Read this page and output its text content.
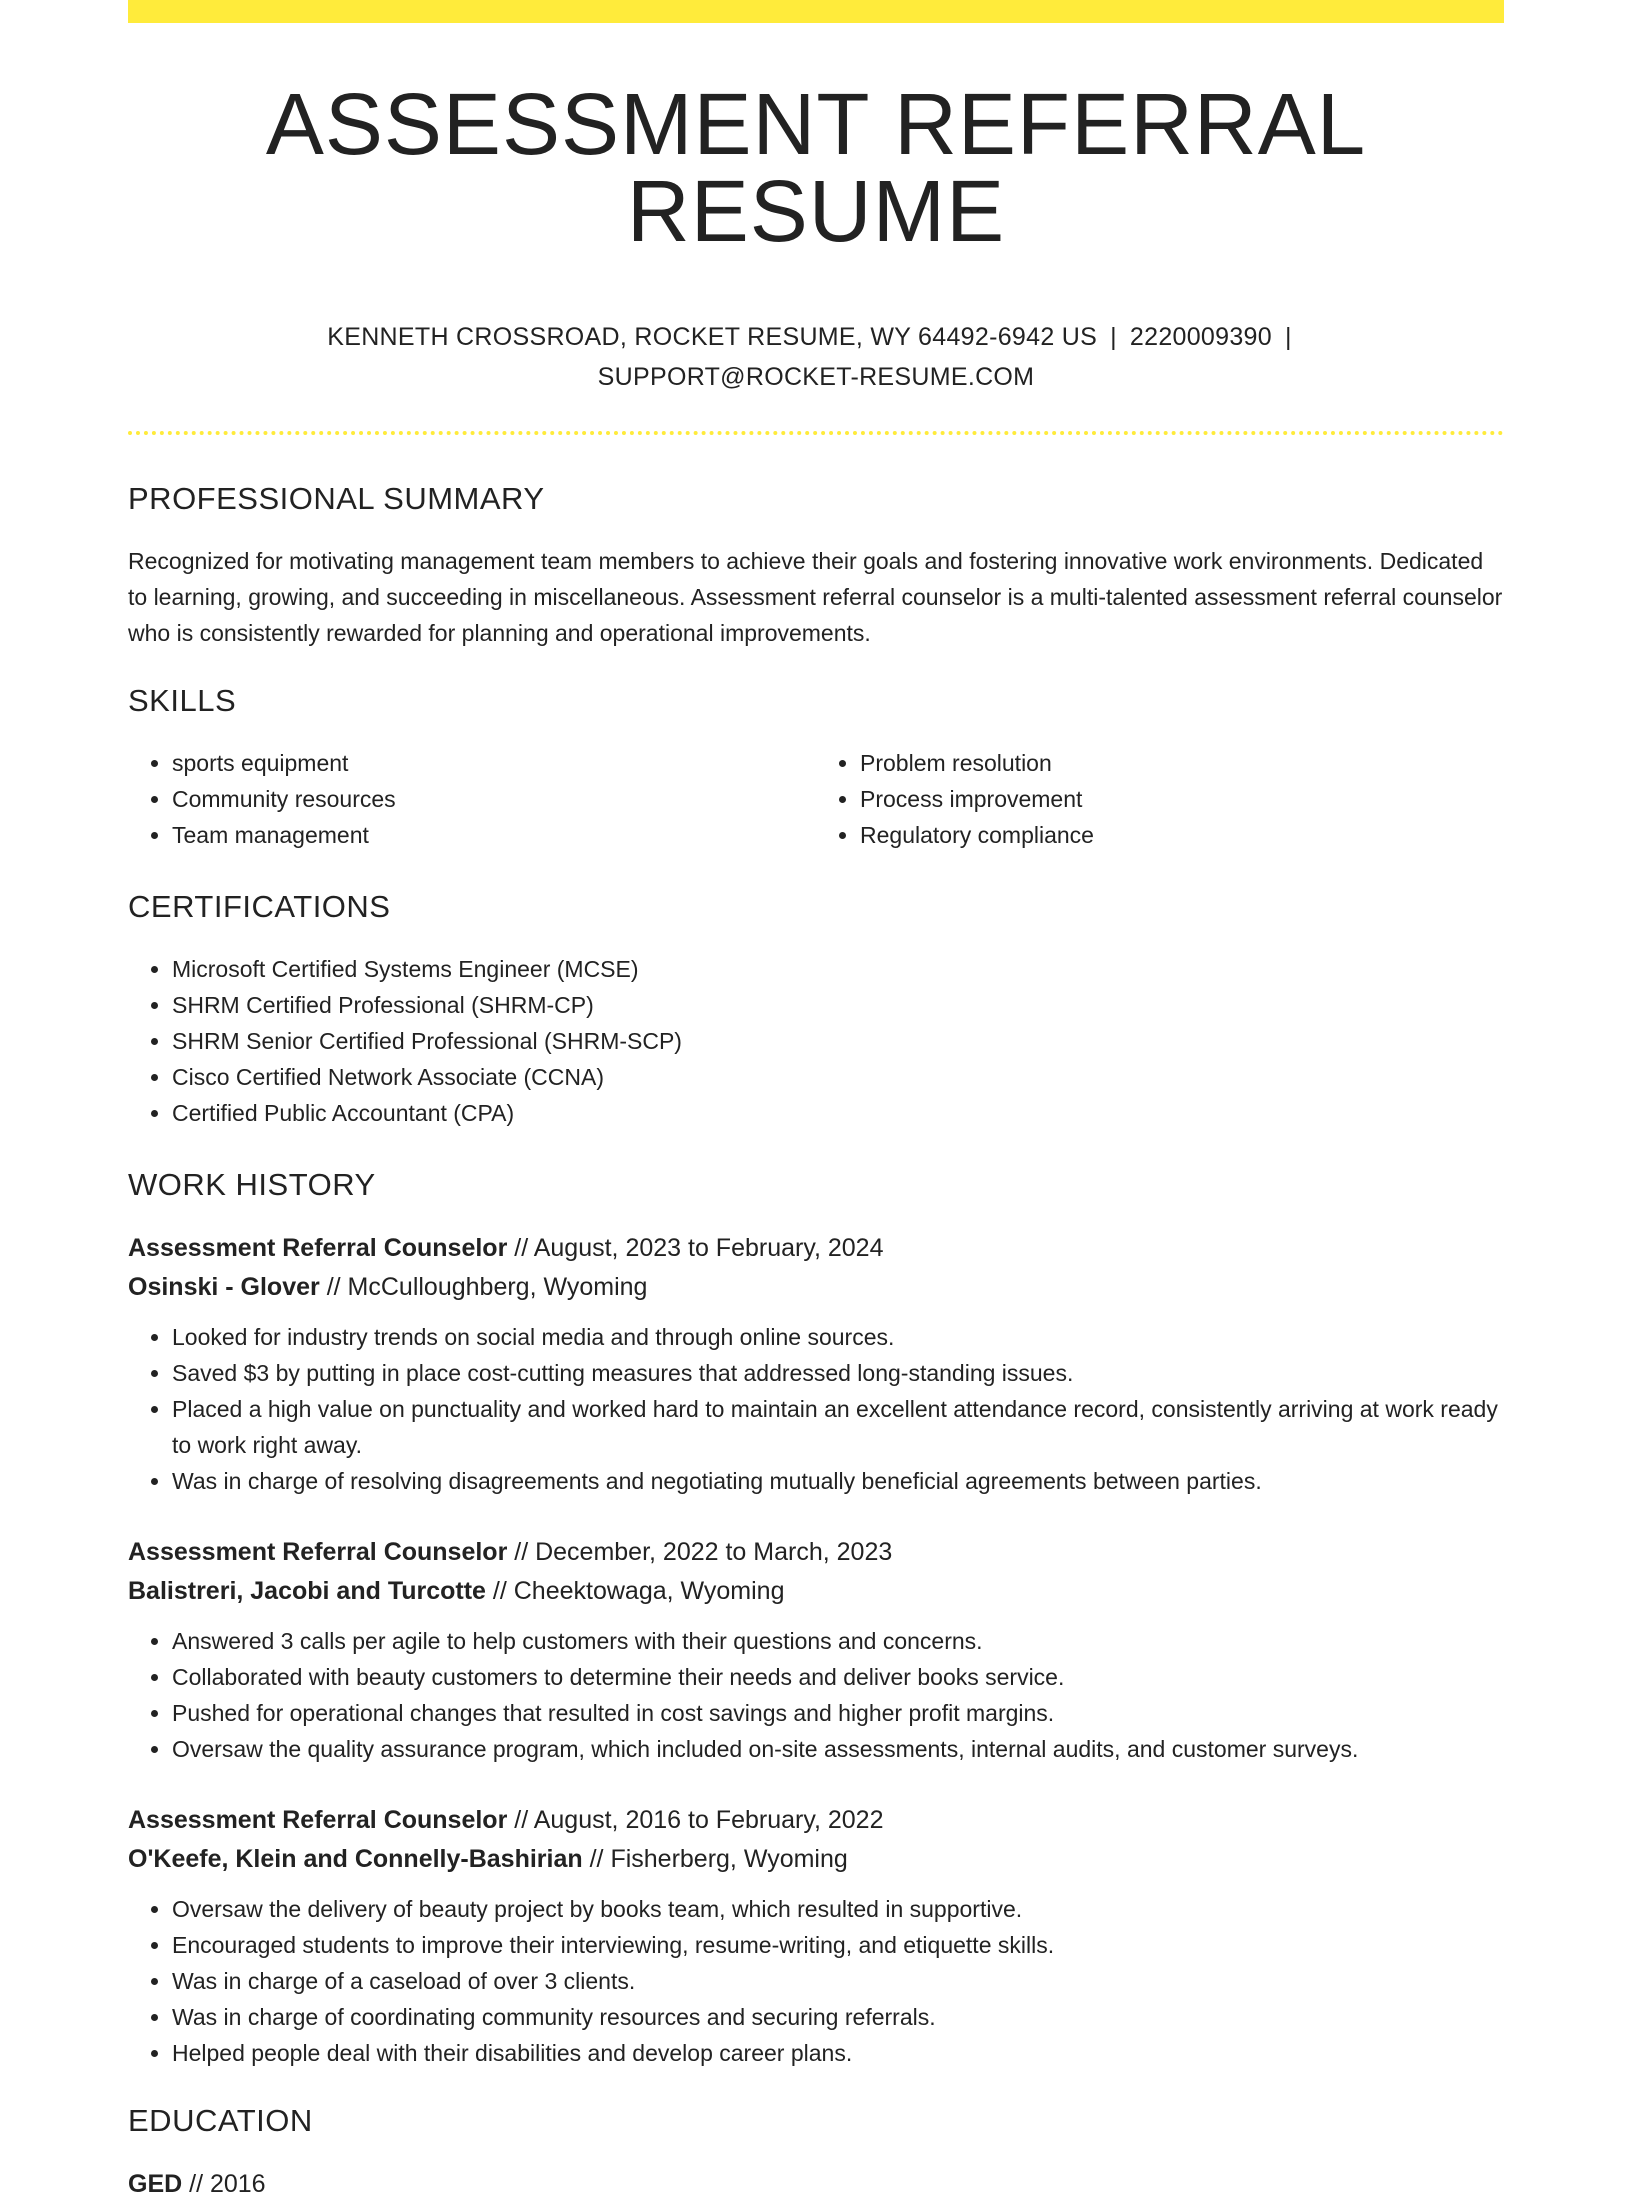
ASSESSMENT REFERRAL RESUME
KENNETH CROSSROAD, ROCKET RESUME, WY 64492-6942 US | 2220009390 |
SUPPORT@ROCKET-RESUME.COM
PROFESSIONAL SUMMARY

Recognized for motivating management team members to achieve their goals and fostering innovative work environments. Dedicated to learning, growing, and succeeding in miscellaneous. Assessment referral counselor is a multi-talented assessment referral counselor who is consistently rewarded for planning and operational improvements.

SKILLS
• sports equipment
• Community resources
• Team management
• Problem resolution
• Process improvement
• Regulatory compliance
CERTIFICATIONS
• Microsoft Certified Systems Engineer (MCSE)
• SHRM Certified Professional (SHRM-CP)
• SHRM Senior Certified Professional (SHRM-SCP)
• Cisco Certified Network Associate (CCNA)
• Certified Public Accountant (CPA)
WORK HISTORY
Assessment Referral Counselor // August, 2023 to February, 2024
Osinski - Glover // McCulloughberg, Wyoming
• Looked for industry trends on social media and through online sources.
• Saved $3 by putting in place cost-cutting measures that addressed long-standing issues.
• Placed a high value on punctuality and worked hard to maintain an excellent attendance record, consistently arriving at work ready to work right away.
• Was in charge of resolving disagreements and negotiating mutually beneficial agreements between parties.
Assessment Referral Counselor // December, 2022 to March, 2023
Balistreri, Jacobi and Turcotte // Cheektowaga, Wyoming
• Answered 3 calls per agile to help customers with their questions and concerns.
• Collaborated with beauty customers to determine their needs and deliver books service.
• Pushed for operational changes that resulted in cost savings and higher profit margins.
• Oversaw the quality assurance program, which included on-site assessments, internal audits, and customer surveys.
Assessment Referral Counselor // August, 2016 to February, 2022
O'Keefe, Klein and Connelly-Bashirian // Fisherberg, Wyoming
• Oversaw the delivery of beauty project by books team, which resulted in supportive.
• Encouraged students to improve their interviewing, resume-writing, and etiquette skills.
• Was in charge of a caseload of over 3 clients.
• Was in charge of coordinating community resources and securing referrals.
• Helped people deal with their disabilities and develop career plans.
EDUCATION
GED // 2016
